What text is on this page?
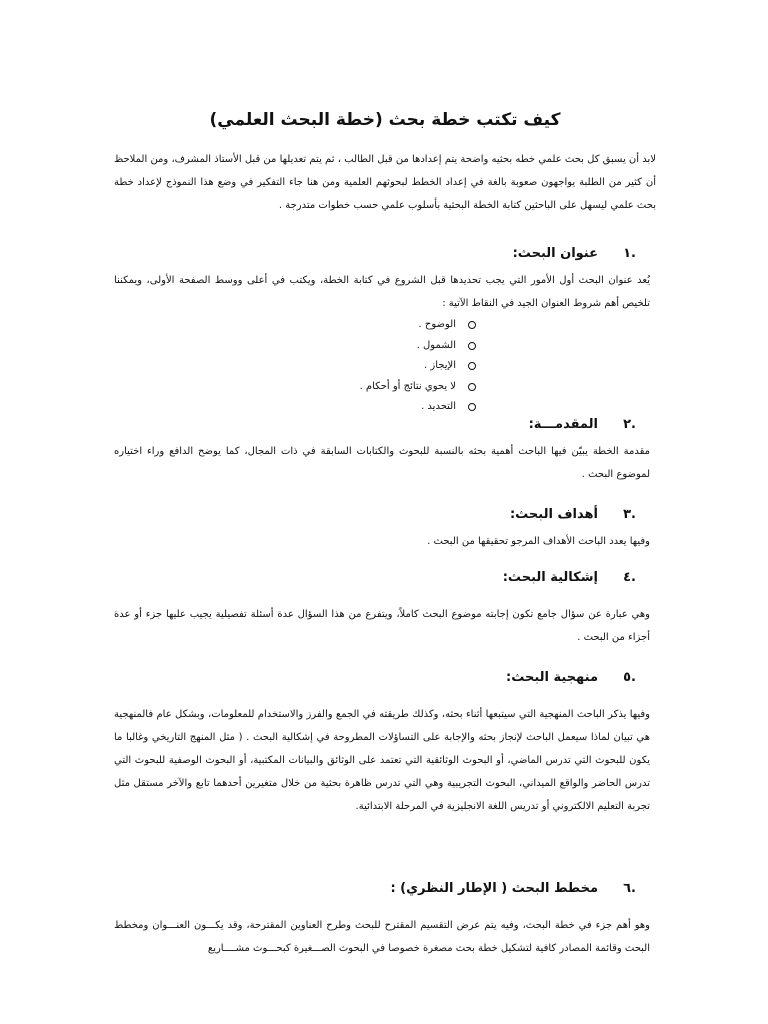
كيف تكتب خطة بحث (خطة البحث العلمي)

لابد أن يسبق كل بحث علمي خطه بحثيه واضحة يتم إعدادها من قبل الطالب ، ثم يتم تعديلها من قبل الأستاذ المشرف، ومن الملاحظ أن كثير من الطلبة يواجهون صعوبة بالغة في إعداد الخطط لبحوثهم العلمية ومن هنا جاء التفكير في وضع هذا النموذج لإعداد خطة بحث علمي ليسهل على الباحثين كتابة الخطة البحثية بأسلوب علمي حسب خطوات متدرجة .

١.
عنوان البحث:

يُعد عنوان البحث أول الأمور التي يجب تحديدها قبل الشروع في كتابة الخطة، ويكتب في أعلى ووسط الصفحة الأولى، ويمكننا تلخيص أهم شروط العنوان الجيد في النقاط الآتية :

الوضوح .
الشمول .
الإيجاز .
لا يحوي نتائج أو أحكام .
التحديد .
٢.
المقدمـــة:

مقدمة الخطة يبيّن فيها الباحث أهمية بحثه بالنسبة للبحوث والكتابات السابقة في ذات المجال، كما يوضح الدافع وراء اختياره لموضوع البحث .

٣.
أهداف البحث:

وفيها يعدد الباحث الأهداف المرجو تحقيقها من البحث .

٤.
إشكالية البحث:

وهي عبارة عن سؤال جامع تكون إجابته موضوع البحث كاملاً، ويتفرع من هذا السؤال عدة أسئلة تفصيلية يجيب عليها جزء أو عدة أجزاء من البحث .

٥.
منهجية البحث:

وفيها يذكر الباحث المنهجية التي سيتبعها أثناء بحثه، وكذلك طريقته في الجمع والفرز والاستخدام للمعلومات، وبشكل عام فالمنهجية هي تبيان لماذا سيعمل الباحث لإنجاز بحثه والإجابة على التساؤلات المطروحة في إشكالية البحث . ( مثل المنهج التاريخي وغالبا ما يكون للبحوث التي تدرس الماضي، أو البحوث الوثائقية التي تعتمد على الوثائق والبيانات المكتبية، أو البحوث الوصفية للبحوث التي تدرس الحاضر والواقع الميداني، البحوث التجريبية وهي التي تدرس ظاهرة بحثية من خلال متغيرين أحدهما تابع والآخر مستقل مثل تجربة التعليم الالكتروني أو تدريس اللغة الانجليزية في المرحلة الابتدائية.

٦.
مخطط البحث ( الإطار النظري) :

وهو أهم جزء في خطة البحث، وفيه يتم عرض التقسيم المقترح للبحث وطرح العناوين المقترحة، وقد يكـــون العنـــوان ومخطط البحث وقائمة المصادر كافية لتشكيل خطة بحث مصغرة خصوصا في البحوث الصـــغيرة كبحـــوث مشــــاريع
